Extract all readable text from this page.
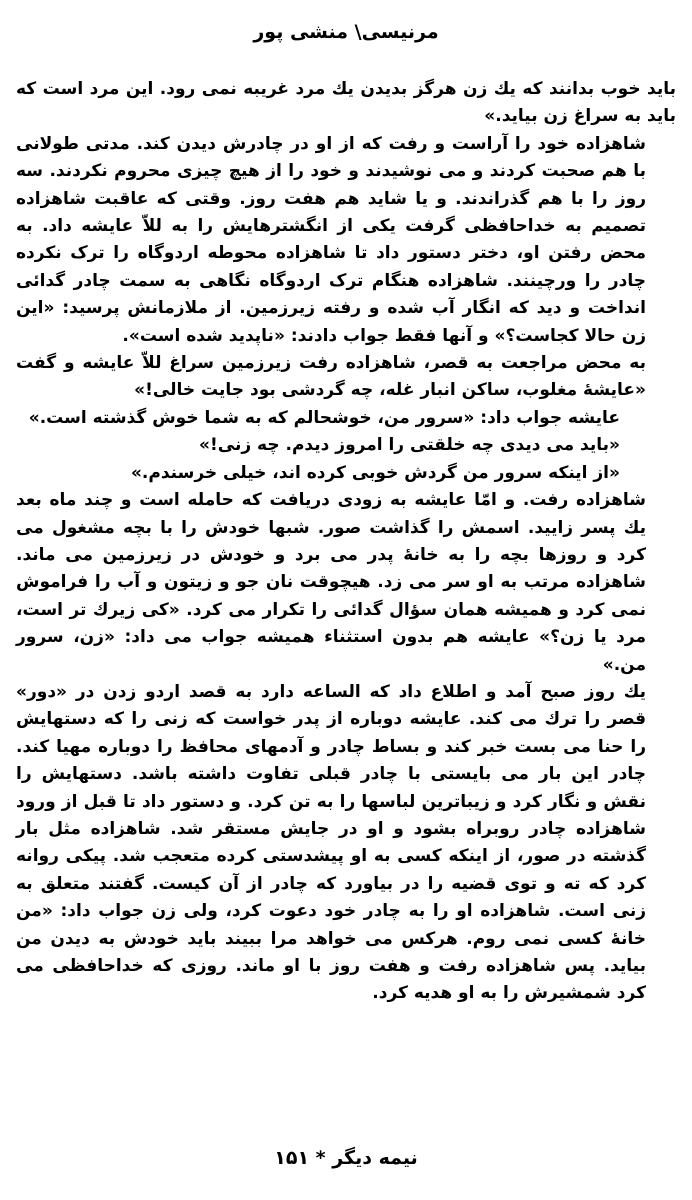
مرنیسی\ منشی پور

باید خوب بدانند که یك زن هرگز بدیدن یك مرد غریبه نمی رود. این مرد است که باید به سراغ زن بیاید.»

شاهزاده خود را آراست و رفت که از او در چادرش دیدن کند. مدتی طولانی با هم صحبت کردند و می نوشیدند و خود را از هیچ چیزی محروم نکردند. سه روز را با هم گذراندند. و یا شاید هم هفت روز. وقتی که عاقبت شاهزاده تصمیم به خداحافظی گرفت یکی از انگشترهایش را به للاّ عایشه داد. به محض رفتن او، دختر دستور داد تا شاهزاده محوطه اردوگاه را ترک نکرده چادر را ورچینند. شاهزاده هنگام ترک اردوگاه نگاهی به سمت چادر گدائی انداخت و دید که انگار آب شده و رفته زیرزمین. از ملازمانش پرسید: «این زن حالا کجاست؟» و آنها فقط جواب دادند: «ناپدید شده است».

به محض مراجعت به قصر، شاهزاده رفت زیرزمین سراغ للاّ عایشه و گفت «عایشهٔ مغلوب، ساکن انبار غله، چه گردشی بود جایت خالی!»

عایشه جواب داد: «سرور من، خوشحالم که به شما خوش گذشته است.»

«باید می دیدی چه خلقتی را امروز دیدم. چه زنی!»

«از اینکه سرور من گردش خوبی کرده اند، خیلی خرسندم.»

شاهزاده رفت. و امّا عایشه به زودی دریافت که حامله است و چند ماه بعد یك پسر زایید. اسمش را گذاشت صور. شبها خودش را با بچه مشغول می کرد و روزها بچه را به خانهٔ پدر می برد و خودش در زیرزمین می ماند. شاهزاده مرتب به او سر می زد. هیچوقت نان جو و زیتون و آب را فراموش نمی کرد و همیشه همان سؤال گدائی را تکرار می کرد. «کی زیرك تر است، مرد یا زن؟» عایشه هم بدون استثناء همیشه جواب می داد: «زن، سرور من.»

یك روز صبح آمد و اطلاع داد که الساعه دارد به قصد اردو زدن در «دور» قصر را ترك می کند. عایشه دوباره از پدر خواست که زنی را که دستهایش را حنا می بست خبر کند و بساط چادر و آدمهای محافظ را دوباره مهیا کند. چادر این بار می بایستی با چادر قبلی تفاوت داشته باشد. دستهایش را نقش و نگار کرد و زیباترین لباسها را به تن کرد. و دستور داد تا قبل از ورود شاهزاده چادر روبراه بشود و او در جایش مستقر شد. شاهزاده مثل بار گذشته در صور، از اینکه کسی به او پیشدستی کرده متعجب شد. پیکی روانه کرد که ته و توی قضیه را در بیاورد که چادر از آن کیست. گفتند متعلق به زنی است. شاهزاده او را به چادر خود دعوت کرد، ولی زن جواب داد: «من خانهٔ کسی نمی روم. هرکس می خواهد مرا ببیند باید خودش به دیدن من بیاید. پس شاهزاده رفت و هفت روز با او ماند. روزی که خداحافظی می کرد شمشیرش را به او هدیه کرد.

نیمه دیگر * ۱۵۱
